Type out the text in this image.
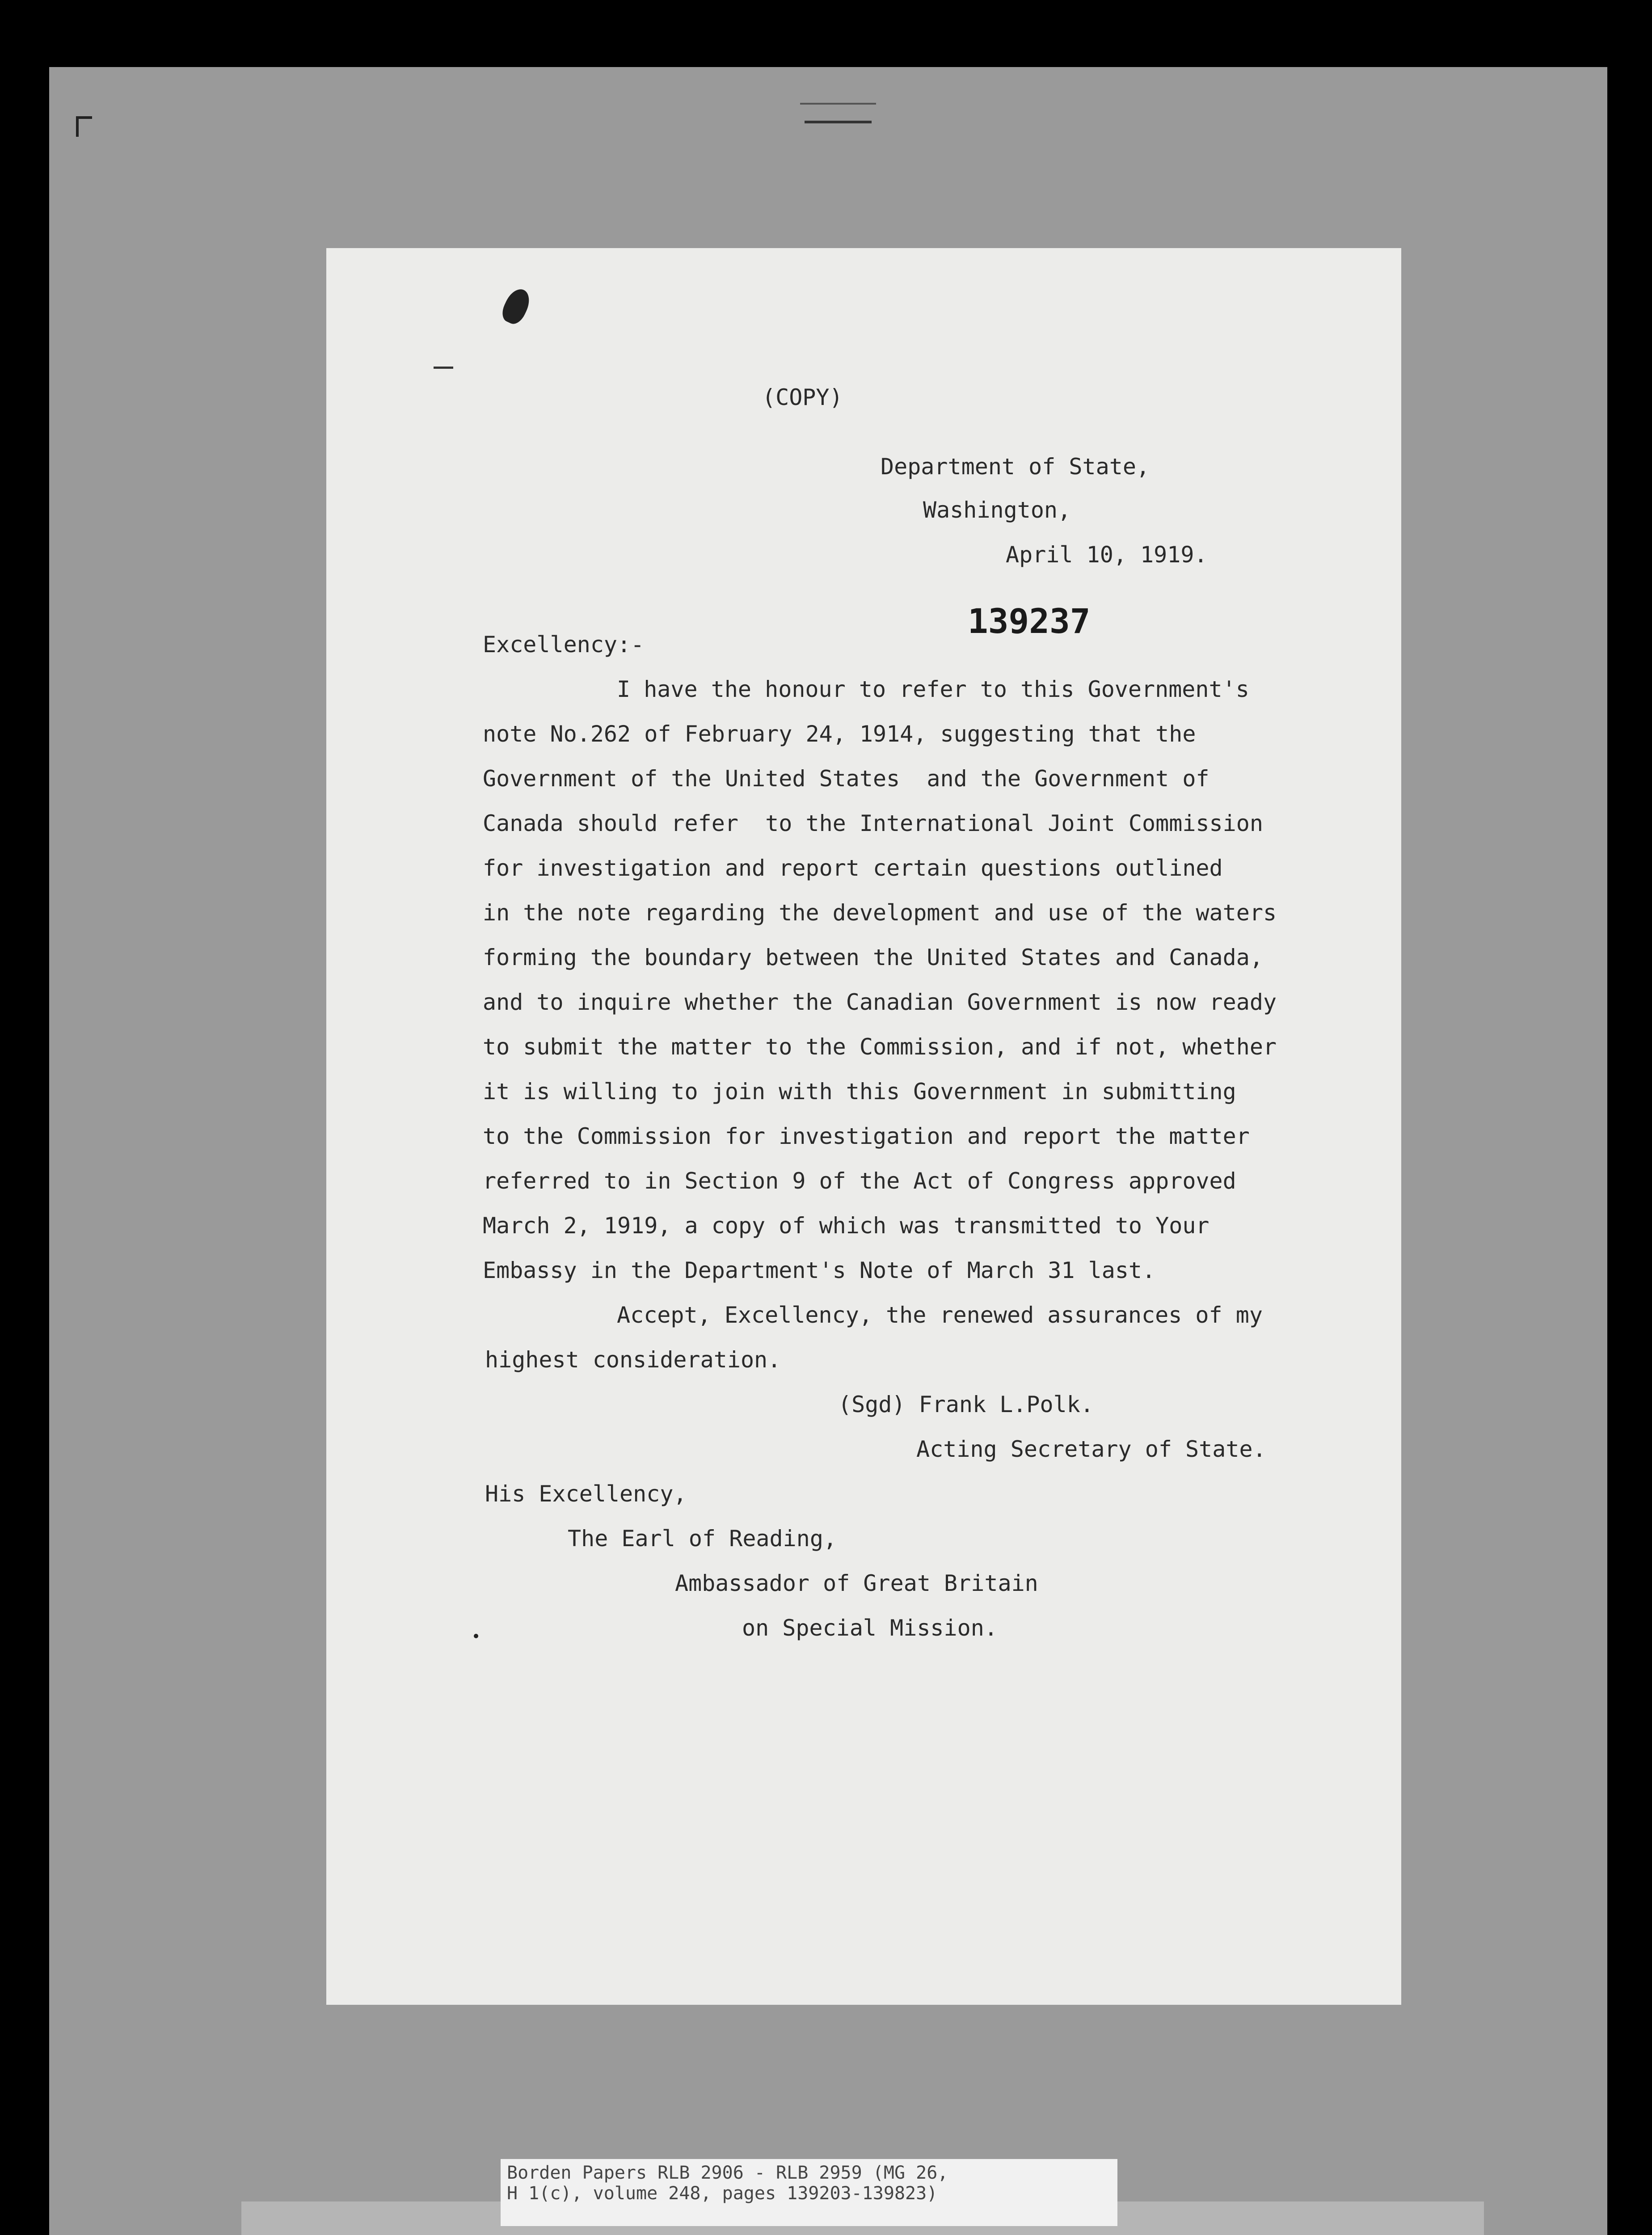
(COPY)
Department of State,
Washington,
April 10, 1919.
139237
Excellency:-
I have the honour to refer to this Government's
note No.262 of February 24, 1914, suggesting that the
Government of the United States  and the Government of
Canada should refer  to the International Joint Commission
for investigation and report certain questions outlined
in the note regarding the development and use of the waters
forming the boundary between the United States and Canada,
and to inquire whether the Canadian Government is now ready
to submit the matter to the Commission, and if not, whether
it is willing to join with this Government in submitting
to the Commission for investigation and report the matter
referred to in Section 9 of the Act of Congress approved
March 2, 1919, a copy of which was transmitted to Your
Embassy in the Department's Note of March 31 last.
Accept, Excellency, the renewed assurances of my
highest consideration.
(Sgd) Frank L.Polk.
Acting Secretary of State.
His Excellency,
The Earl of Reading,
Ambassador of Great Britain
on Special Mission.
Borden Papers RLB 2906 - RLB 2959 (MG 26,
H 1(c), volume 248, pages 139203-139823)
